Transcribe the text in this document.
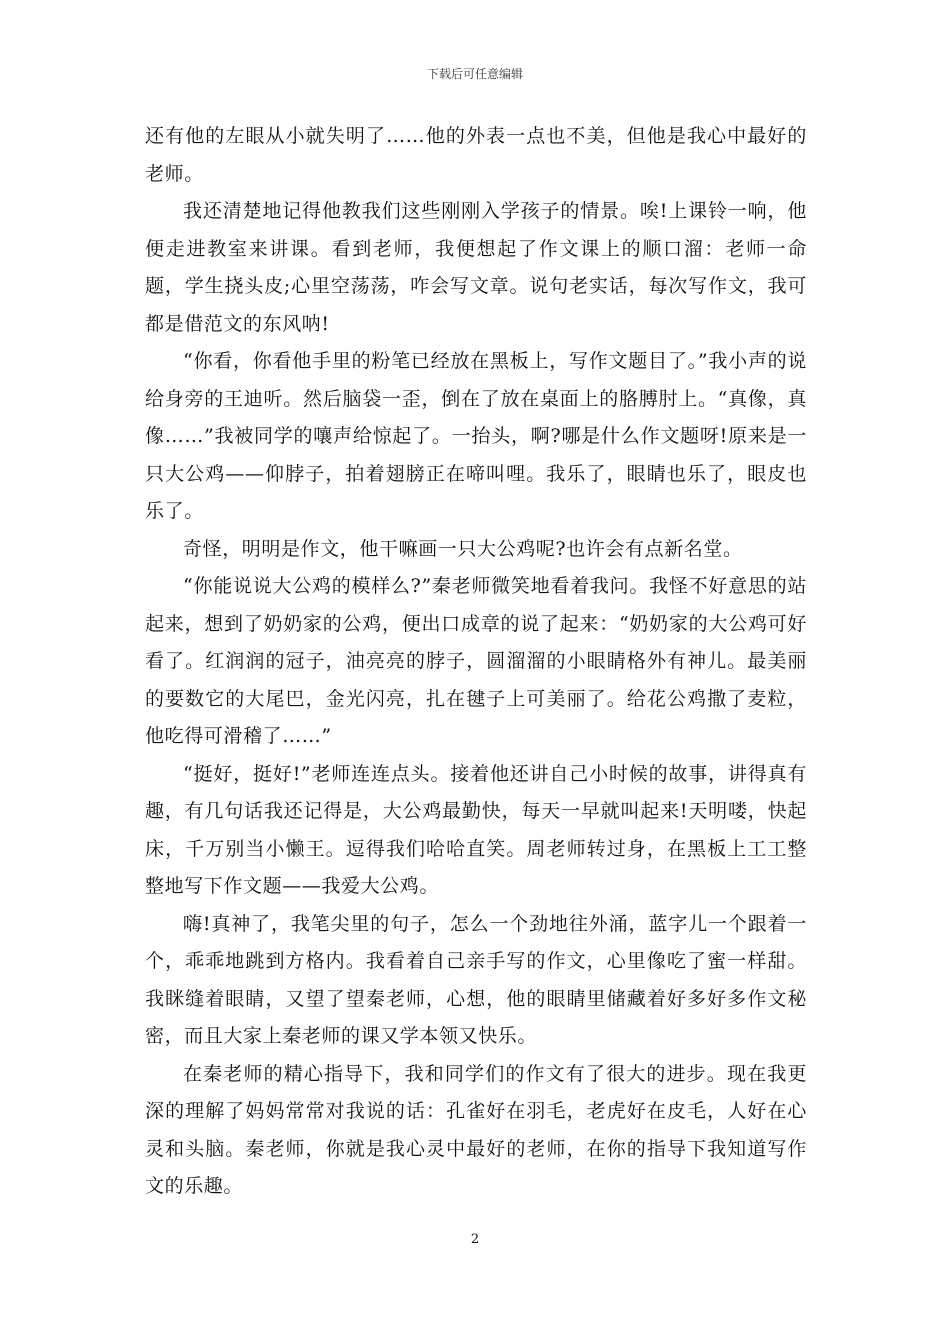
下载后可任意编辑

还有他的左眼从小就失明了……他的外表一点也不美，但他是我心中最好的老师。

我还清楚地记得他教我们这些刚刚入学孩子的情景。唉!上课铃一响，他便走进教室来讲课。看到老师，我便想起了作文课上的顺口溜：老师一命题，学生挠头皮;心里空荡荡，咋会写文章。说句老实话，每次写作文，我可都是借范文的东风呐!

“你看，你看他手里的粉笔已经放在黑板上，写作文题目了。”我小声的说给身旁的王迪听。然后脑袋一歪，倒在了放在桌面上的胳膊肘上。“真像，真像……”我被同学的嚷声给惊起了。一抬头，啊?哪是什么作文题呀!原来是一只大公鸡——仰脖子，拍着翅膀正在啼叫哩。我乐了，眼睛也乐了，眼皮也乐了。

奇怪，明明是作文，他干嘛画一只大公鸡呢?也许会有点新名堂。

“你能说说大公鸡的模样么?”秦老师微笑地看着我问。我怪不好意思的站起来，想到了奶奶家的公鸡，便出口成章的说了起来：“奶奶家的大公鸡可好看了。红润润的冠子，油亮亮的脖子，圆溜溜的小眼睛格外有神儿。最美丽的要数它的大尾巴，金光闪亮，扎在毽子上可美丽了。给花公鸡撒了麦粒，他吃得可滑稽了……”

“挺好，挺好!”老师连连点头。接着他还讲自己小时候的故事，讲得真有趣，有几句话我还记得是，大公鸡最勤快，每天一早就叫起来!天明喽，快起床，千万别当小懒王。逗得我们哈哈直笑。周老师转过身，在黑板上工工整整地写下作文题——我爱大公鸡。

嗨!真神了，我笔尖里的句子，怎么一个劲地往外涌，蓝字儿一个跟着一个，乖乖地跳到方格内。我看着自己亲手写的作文，心里像吃了蜜一样甜。我眯缝着眼睛，又望了望秦老师，心想，他的眼睛里储藏着好多好多作文秘密，而且大家上秦老师的课又学本领又快乐。

在秦老师的精心指导下，我和同学们的作文有了很大的进步。现在我更深的理解了妈妈常常对我说的话：孔雀好在羽毛，老虎好在皮毛，人好在心灵和头脑。秦老师，你就是我心灵中最好的老师，在你的指导下我知道写作文的乐趣。

2
